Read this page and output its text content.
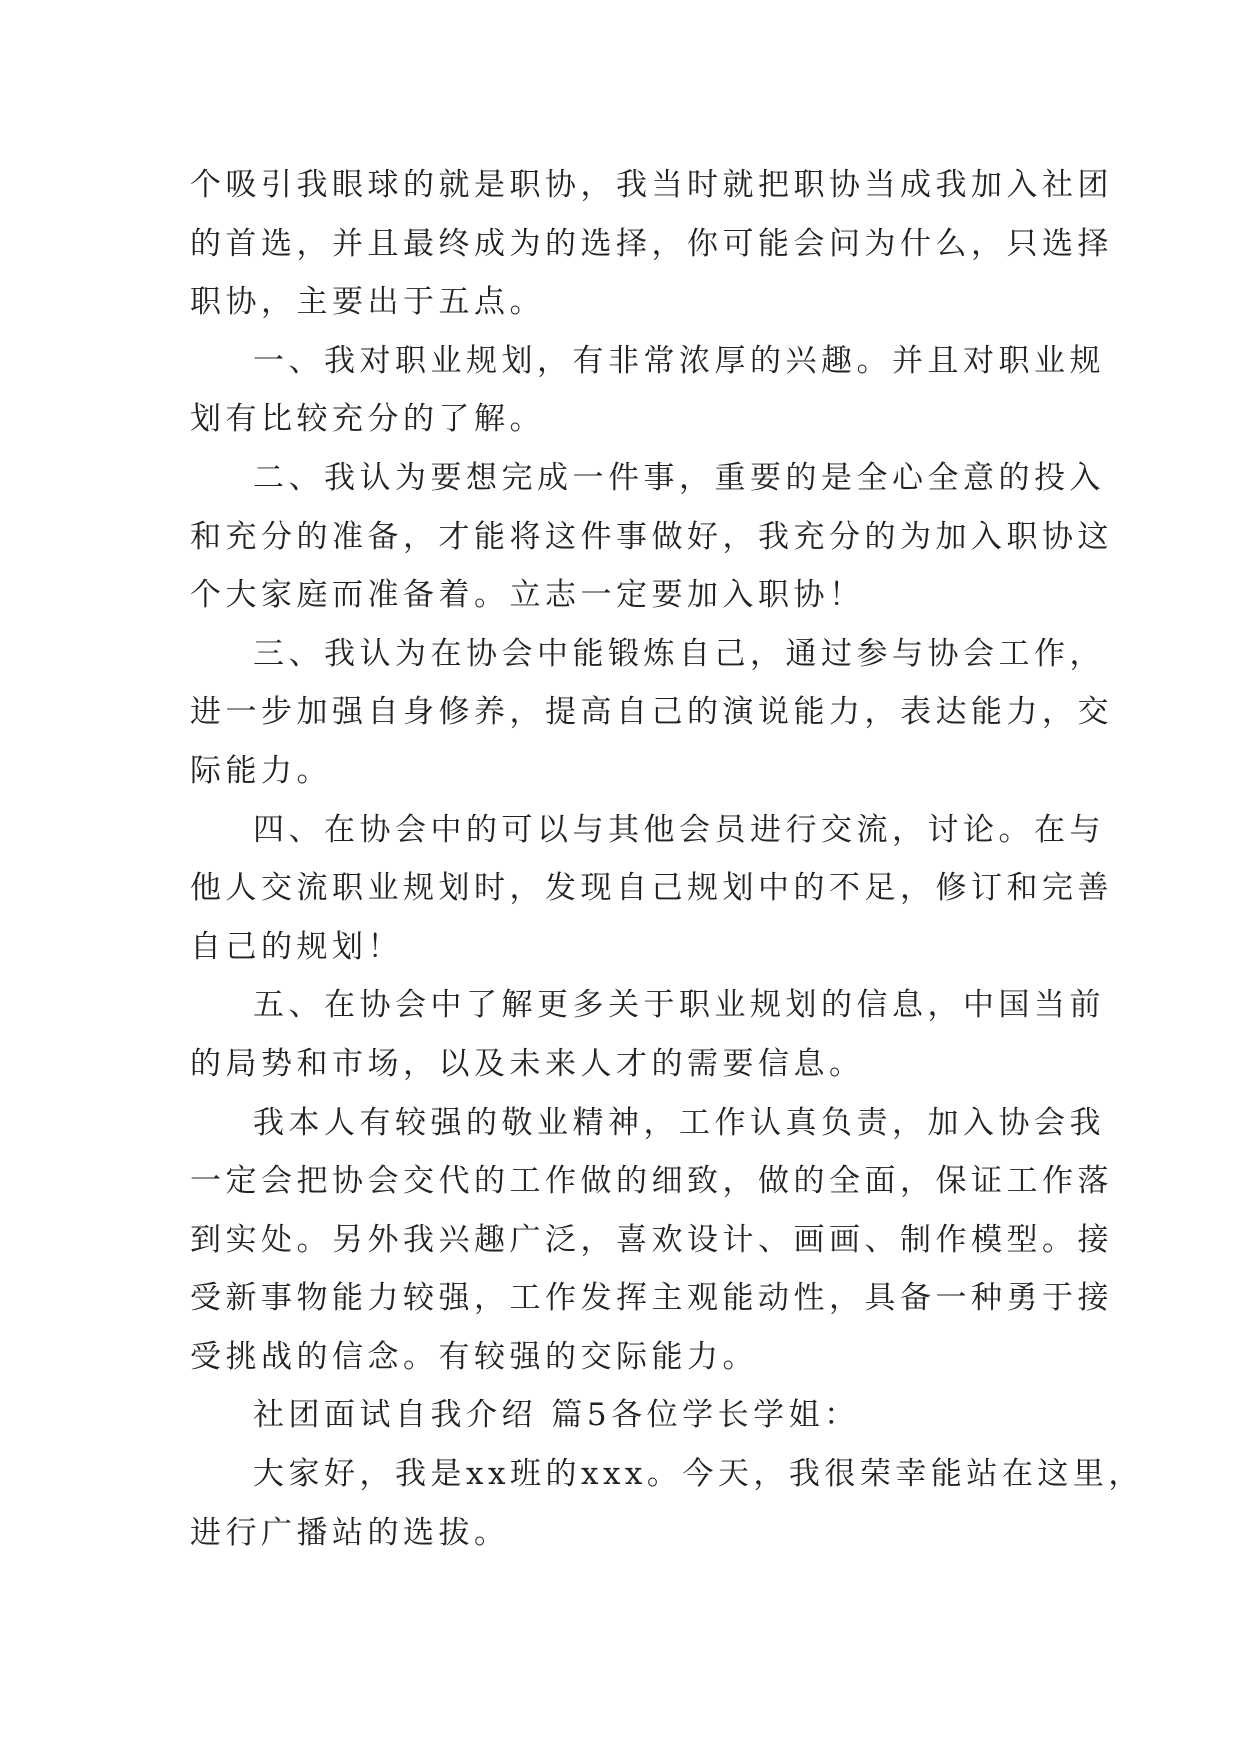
个吸引我眼球的就是职协，我当时就把职协当成我加入社团
的首选，并且最终成为的选择，你可能会问为什么，只选择
职协，主要出于五点。
一、我对职业规划，有非常浓厚的兴趣。并且对职业规
划有比较充分的了解。
二、我认为要想完成一件事，重要的是全心全意的投入
和充分的准备，才能将这件事做好，我充分的为加入职协这
个大家庭而准备着。立志一定要加入职协！
三、我认为在协会中能锻炼自己，通过参与协会工作，
进一步加强自身修养，提高自己的演说能力，表达能力，交
际能力。
四、在协会中的可以与其他会员进行交流，讨论。在与
他人交流职业规划时，发现自己规划中的不足，修订和完善
自己的规划！
五、在协会中了解更多关于职业规划的信息，中国当前
的局势和市场，以及未来人才的需要信息。
我本人有较强的敬业精神，工作认真负责，加入协会我
一定会把协会交代的工作做的细致，做的全面，保证工作落
到实处。另外我兴趣广泛，喜欢设计、画画、制作模型。接
受新事物能力较强，工作发挥主观能动性，具备一种勇于接
受挑战的信念。有较强的交际能力。
社团面试自我介绍 篇5各位学长学姐：
大家好，我是xx班的xxx。今天，我很荣幸能站在这里，
进行广播站的选拔。
